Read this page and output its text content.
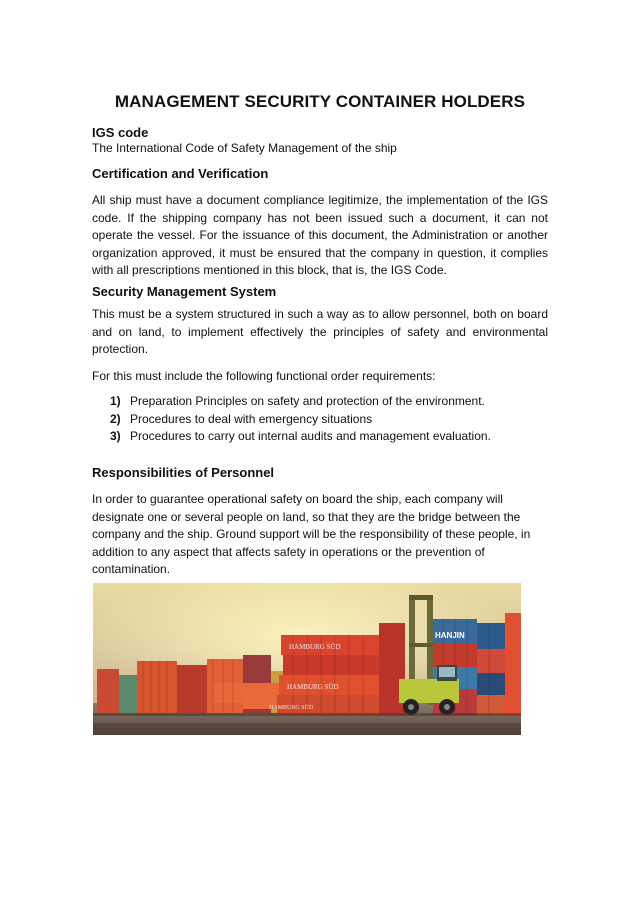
MANAGEMENT SECURITY CONTAINER HOLDERS
IGS code

The International Code of Safety Management of the ship

Certification and Verification

All ship must have a document compliance legitimize, the implementation of the IGS code. If the shipping company has not been issued such a document, it can not operate the vessel. For the issuance of this document, the Administration or another organization approved, it must be ensured that the company in question, it complies with all prescriptions mentioned in this block, that is, the IGS Code.

Security Management System

This must be a system structured in such a way as to allow personnel, both on board and on land, to implement effectively the principles of safety and environmental protection.

For this must include the following functional order requirements:

1) Preparation Principles on safety and protection of the environment.
2) Procedures to deal with emergency situations
3) Procedures to carry out internal audits and management evaluation.
Responsibilities of Personnel

In order to guarantee operational safety on board the ship, each company will designate one or several people on land, so that they are the bridge between the company and the ship. Ground support will be the responsibility of these people, in addition to any aspect that affects safety in operations or the prevention of contamination.

HAMBURG SÜD
HAMBURG SÜD
HAMBURG SÜD
HANJIN
